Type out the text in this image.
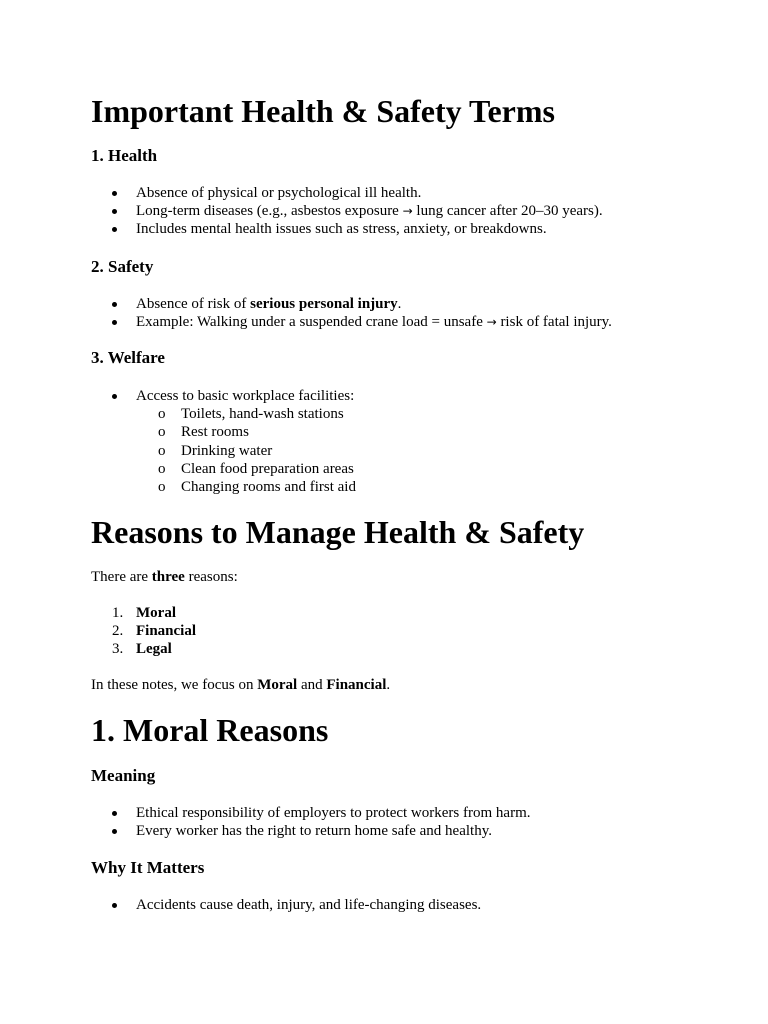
Important Health & Safety Terms
1. Health
Absence of physical or psychological ill health.
Long-term diseases (e.g., asbestos exposure → lung cancer after 20–30 years).
Includes mental health issues such as stress, anxiety, or breakdowns.
2. Safety
Absence of risk of serious personal injury.
Example: Walking under a suspended crane load = unsafe → risk of fatal injury.
3. Welfare
Access to basic workplace facilities:
o Toilets, hand-wash stations
o Rest rooms
o Drinking water
o Clean food preparation areas
o Changing rooms and first aid
Reasons to Manage Health & Safety

There are three reasons:

1. Moral
2. Financial
3. Legal

In these notes, we focus on Moral and Financial.

1. Moral Reasons
Meaning
Ethical responsibility of employers to protect workers from harm.
Every worker has the right to return home safe and healthy.
Why It Matters
Accidents cause death, injury, and life-changing diseases.
